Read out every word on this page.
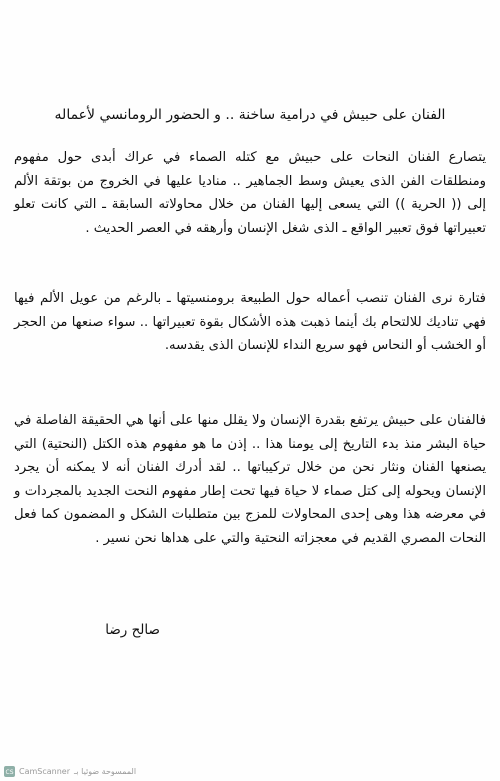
الفنان على حبيش في درامية ساخنة .. و الحضور الرومانسي لأعماله

يتصارع الفنان النحات على حبيش مع كتله الصماء في عراك أبدى حول مفهوم ومنطلقات الفن الذى يعيش وسط الجماهير .. مناديا عليها في الخروج من بوتقة الألم إلى (( الحرية )) التي يسعى إليها الفنان من خلال محاولاته السابقة ـ التي كانت تعلو تعبيراتها فوق تعبير الواقع ـ الذى شغل الإنسان وأرهقه في العصر الحديث .

فتارة نرى الفنان تنصب أعماله حول الطبيعة برومنسيتها ـ بالرغم من عويل الألم فيها فهي تناديك للالتحام بك أينما ذهبت هذه الأشكال بقوة تعبيراتها .. سواء صنعها من الحجر أو الخشب أو النحاس فهو سريع النداء للإنسان الذى يقدسه.

فالفنان على حبيش يرتفع بقدرة الإنسان ولا يقلل منها على أنها هي الحقيقة الفاصلة في حياة البشر منذ بدء التاريخ إلى يومنا هذا .. إذن ما هو مفهوم هذه الكتل (النحتية) التي يصنعها الفنان ونثار نحن من خلال تركيباتها .. لقد أدرك الفنان أنه لا يمكنه أن يجرد الإنسان ويحوله إلى كتل صماء لا حياة فيها تحت إطار مفهوم النحت الجديد بالمجردات و في معرضه هذا وهى إحدى المحاولات للمزج بين متطلبات الشكل و المضمون كما فعل النحات المصري القديم في معجزاته النحتية والتي على هداها نحن نسير .

صالح رضا

CS CamScanner الممسوحة ضوئيا بـ
